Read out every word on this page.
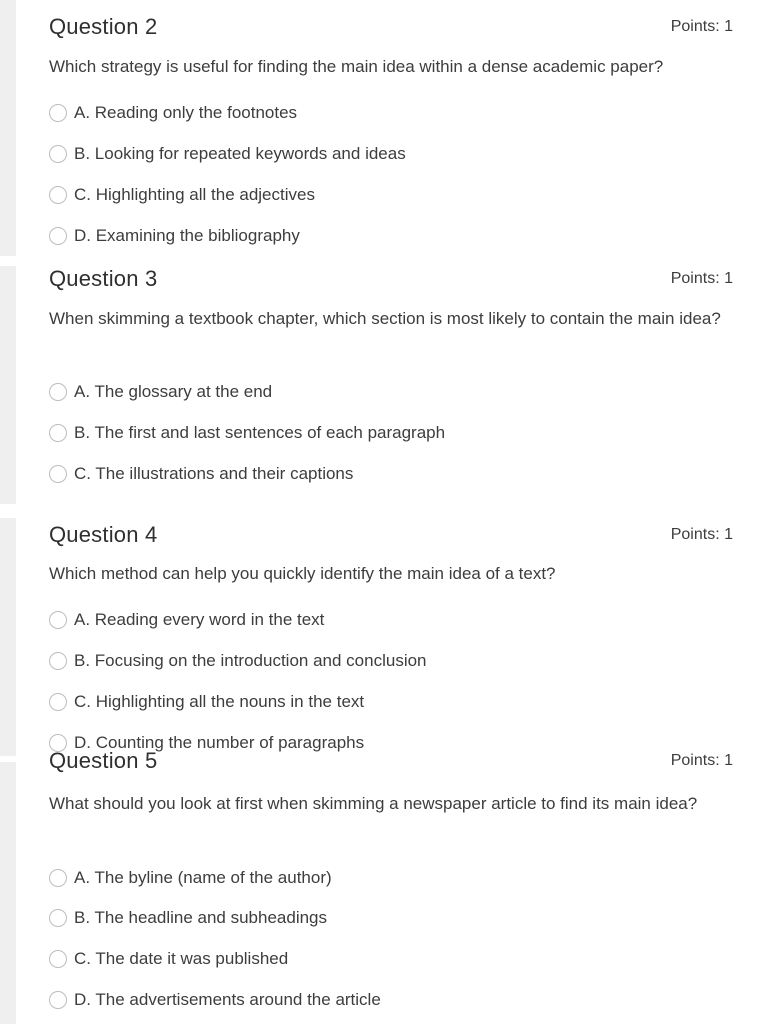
Question 2	Points: 1
Which strategy is useful for finding the main idea within a dense academic paper?
A. Reading only the footnotes
B. Looking for repeated keywords and ideas
C. Highlighting all the adjectives
D. Examining the bibliography
Question 3	Points: 1
When skimming a textbook chapter, which section is most likely to contain the main idea?
A. The glossary at the end
B. The first and last sentences of each paragraph
C. The illustrations and their captions
Question 4	Points: 1
Which method can help you quickly identify the main idea of a text?
A. Reading every word in the text
B. Focusing on the introduction and conclusion
C. Highlighting all the nouns in the text
D. Counting the number of paragraphs
Question 5	Points: 1
What should you look at first when skimming a newspaper article to find its main idea?
A. The byline (name of the author)
B. The headline and subheadings
C. The date it was published
D. The advertisements around the article
